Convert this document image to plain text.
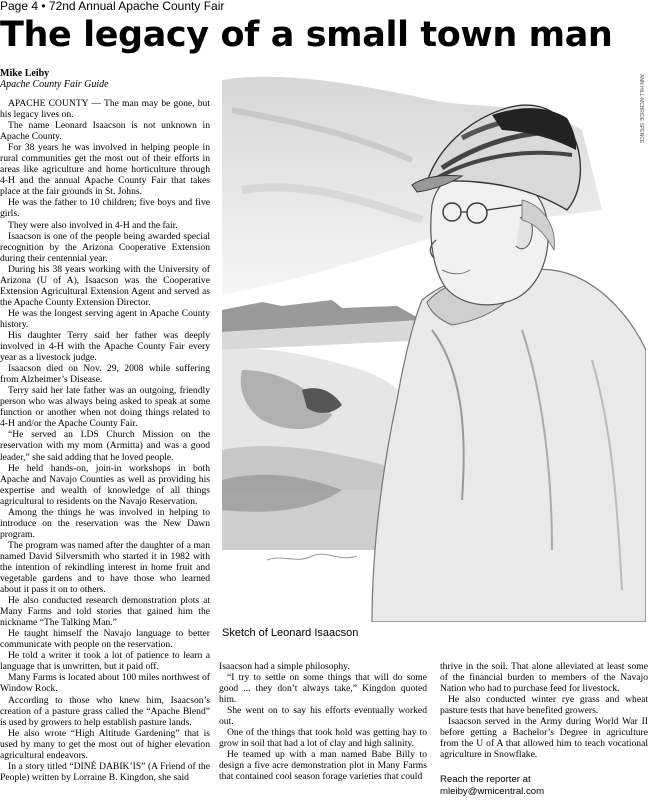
Page 4 • 72nd Annual Apache County Fair
The legacy of a small town man
Mike Leiby
Apache County Fair Guide

APACHE COUNTY — The man may be gone, but his legacy lives on.

The name Leonard Isaacson is not unknown in Apache County.

For 38 years he was involved in helping people in rural communities get the most out of their efforts in areas like agriculture and home horticulture through 4-H and the annual Apache County Fair that takes place at the fair grounds in St. Johns.

He was the father to 10 children; five boys and five girls.

They were also involved in 4-H and the fair.

Isaacson is one of the people being awarded special recognition by the Arizona Cooperative Extension during their centennial year.

During his 38 years working with the University of Arizona (U of A), Isaacson was the Cooperative Extension Agricultural Extension Agent and served as the Apache County Extension Director.

He was the longest serving agent in Apache County history.

His daughter Terry said her father was deeply involved in 4-H with the Apache County Fair every year as a livestock judge.

Isaacson died on Nov. 29, 2008 while suffering from Alzheimer’s Disease.

Terry said her late father was an outgoing, friendly person who was always being asked to speak at some function or another when not doing things related to 4-H and/or the Apache County Fair.

“He served an LDS Church Mission on the reservation with my mom (Armitta) and was a good leader,” she said adding that he loved people.

He held hands-on, join-in workshops in both Apache and Navajo Counties as well as providing his expertise and wealth of knowledge of all things agricultural to residents on the Navajo Reservation.

Among the things he was involved in helping to introduce on the reservation was the New Dawn program.

The program was named after the daughter of a man named David Silversmith who started it in 1982 with the intention of rekindling interest in home fruit and vegetable gardens and to have those who learned about it pass it on to others.

He also conducted research demonstration plots at Many Farms and told stories that gained him the nickname “The Talking Man.”

He taught himself the Navajo language to better communicate with people on the reservation.

He told a writer it took a lot of patience to learn a language that is unwritten, but it paid off.

Many Farms is located about 100 miles northwest of Window Rock.

According to those who knew him, Isaacson’s creation of a pasture grass called the “Apache Blend” is used by growers to help establish pasture lands.

He also wrote “High Altitude Gardening” that is used by many to get the most out of higher elevation agricultural endeavors.

In a story titled “DINÉ DABIK’IS” (A Friend of the People) written by Lorraine B. Kingdon, she said

ANN HILL-MCBRIDE SPENCE
Sketch of Leonard Isaacson

Isaacson had a simple philosophy.

“I try to settle on some things that will do some good ... they don’t always take,” Kingdon quoted him.

She went on to say his efforts eventually worked out.

One of the things that took hold was getting hay to grow in soil that had a lot of clay and high salinity.

He teamed up with a man named Babe Billy to design a five acre demonstration plot in Many Farms that contained cool season forage varieties that could

thrive in the soil. That alone alleviated at least some of the financial burden to members of the Navajo Nation who had to purchase feed for livestock.

He also conducted winter rye grass and wheat pasture tests that have benefited growers.

Isaacson served in the Army during World War II before getting a Bachelor’s Degree in agriculture from the U of A that allowed him to teach vocational agriculture in Snowflake.

Reach the reporter at
mleiby@wmicentral.com
